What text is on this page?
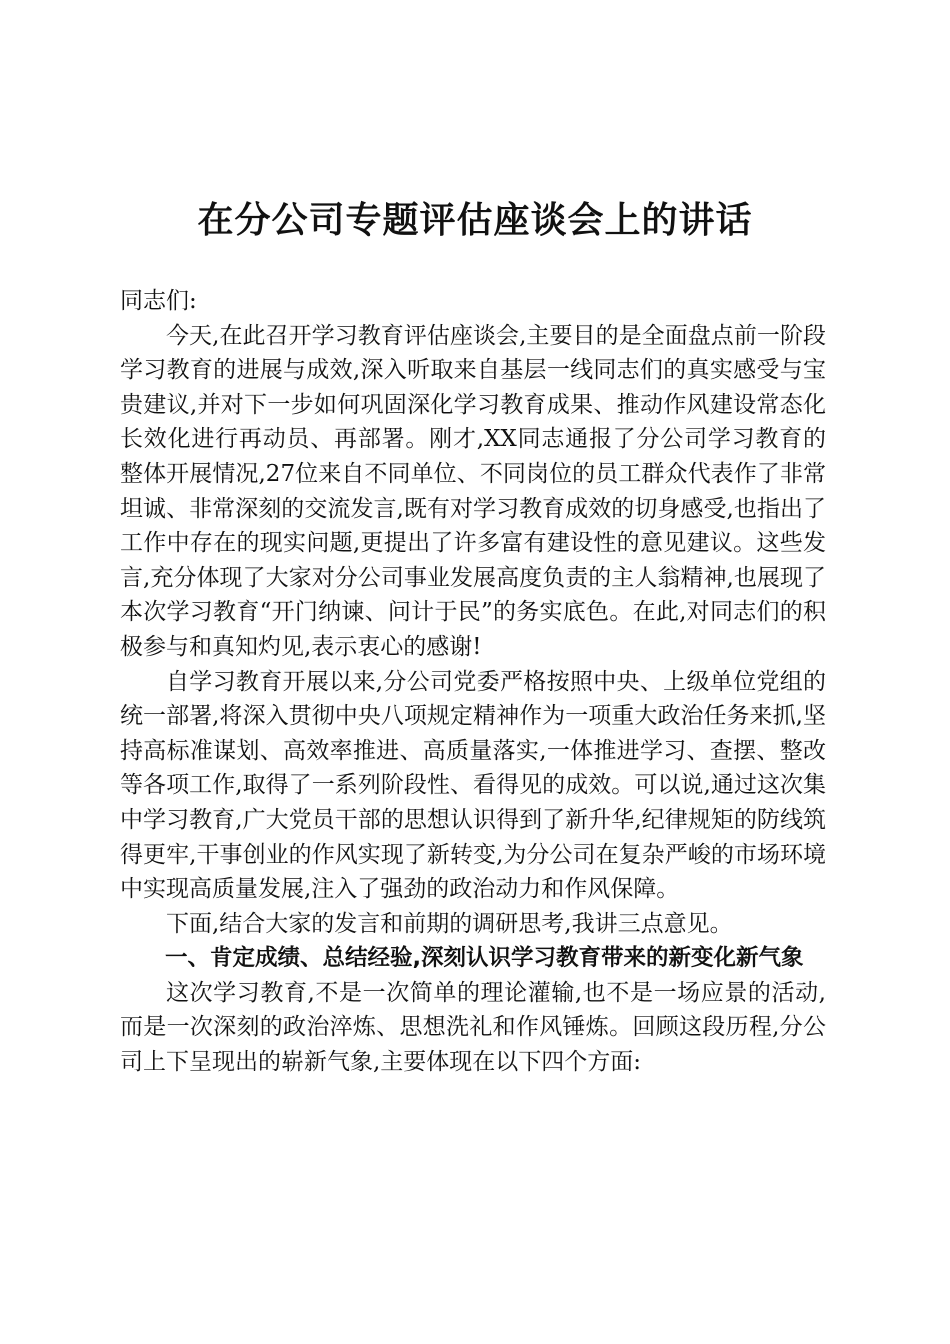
在分公司专题评估座谈会上的讲话

同志们:

今天,在此召开学习教育评估座谈会,主要目的是全面盘点前一阶段学习教育的进展与成效,深入听取来自基层一线同志们的真实感受与宝贵建议,并对下一步如何巩固深化学习教育成果、推动作风建设常态化长效化进行再动员、再部署。刚才,XX同志通报了分公司学习教育的整体开展情况,27位来自不同单位、不同岗位的员工群众代表作了非常坦诚、非常深刻的交流发言,既有对学习教育成效的切身感受,也指出了工作中存在的现实问题,更提出了许多富有建设性的意见建议。这些发言,充分体现了大家对分公司事业发展高度负责的主人翁精神,也展现了本次学习教育“开门纳谏、问计于民”的务实底色。在此,对同志们的积极参与和真知灼见,表示衷心的感谢!

自学习教育开展以来,分公司党委严格按照中央、上级单位党组的统一部署,将深入贯彻中央八项规定精神作为一项重大政治任务来抓,坚持高标准谋划、高效率推进、高质量落实,一体推进学习、查摆、整改等各项工作,取得了一系列阶段性、看得见的成效。可以说,通过这次集中学习教育,广大党员干部的思想认识得到了新升华,纪律规矩的防线筑得更牢,干事创业的作风实现了新转变,为分公司在复杂严峻的市场环境中实现高质量发展,注入了强劲的政治动力和作风保障。

下面,结合大家的发言和前期的调研思考,我讲三点意见。

一、肯定成绩、总结经验,深刻认识学习教育带来的新变化新气象

这次学习教育,不是一次简单的理论灌输,也不是一场应景的活动,而是一次深刻的政治淬炼、思想洗礼和作风锤炼。回顾这段历程,分公司上下呈现出的崭新气象,主要体现在以下四个方面:
